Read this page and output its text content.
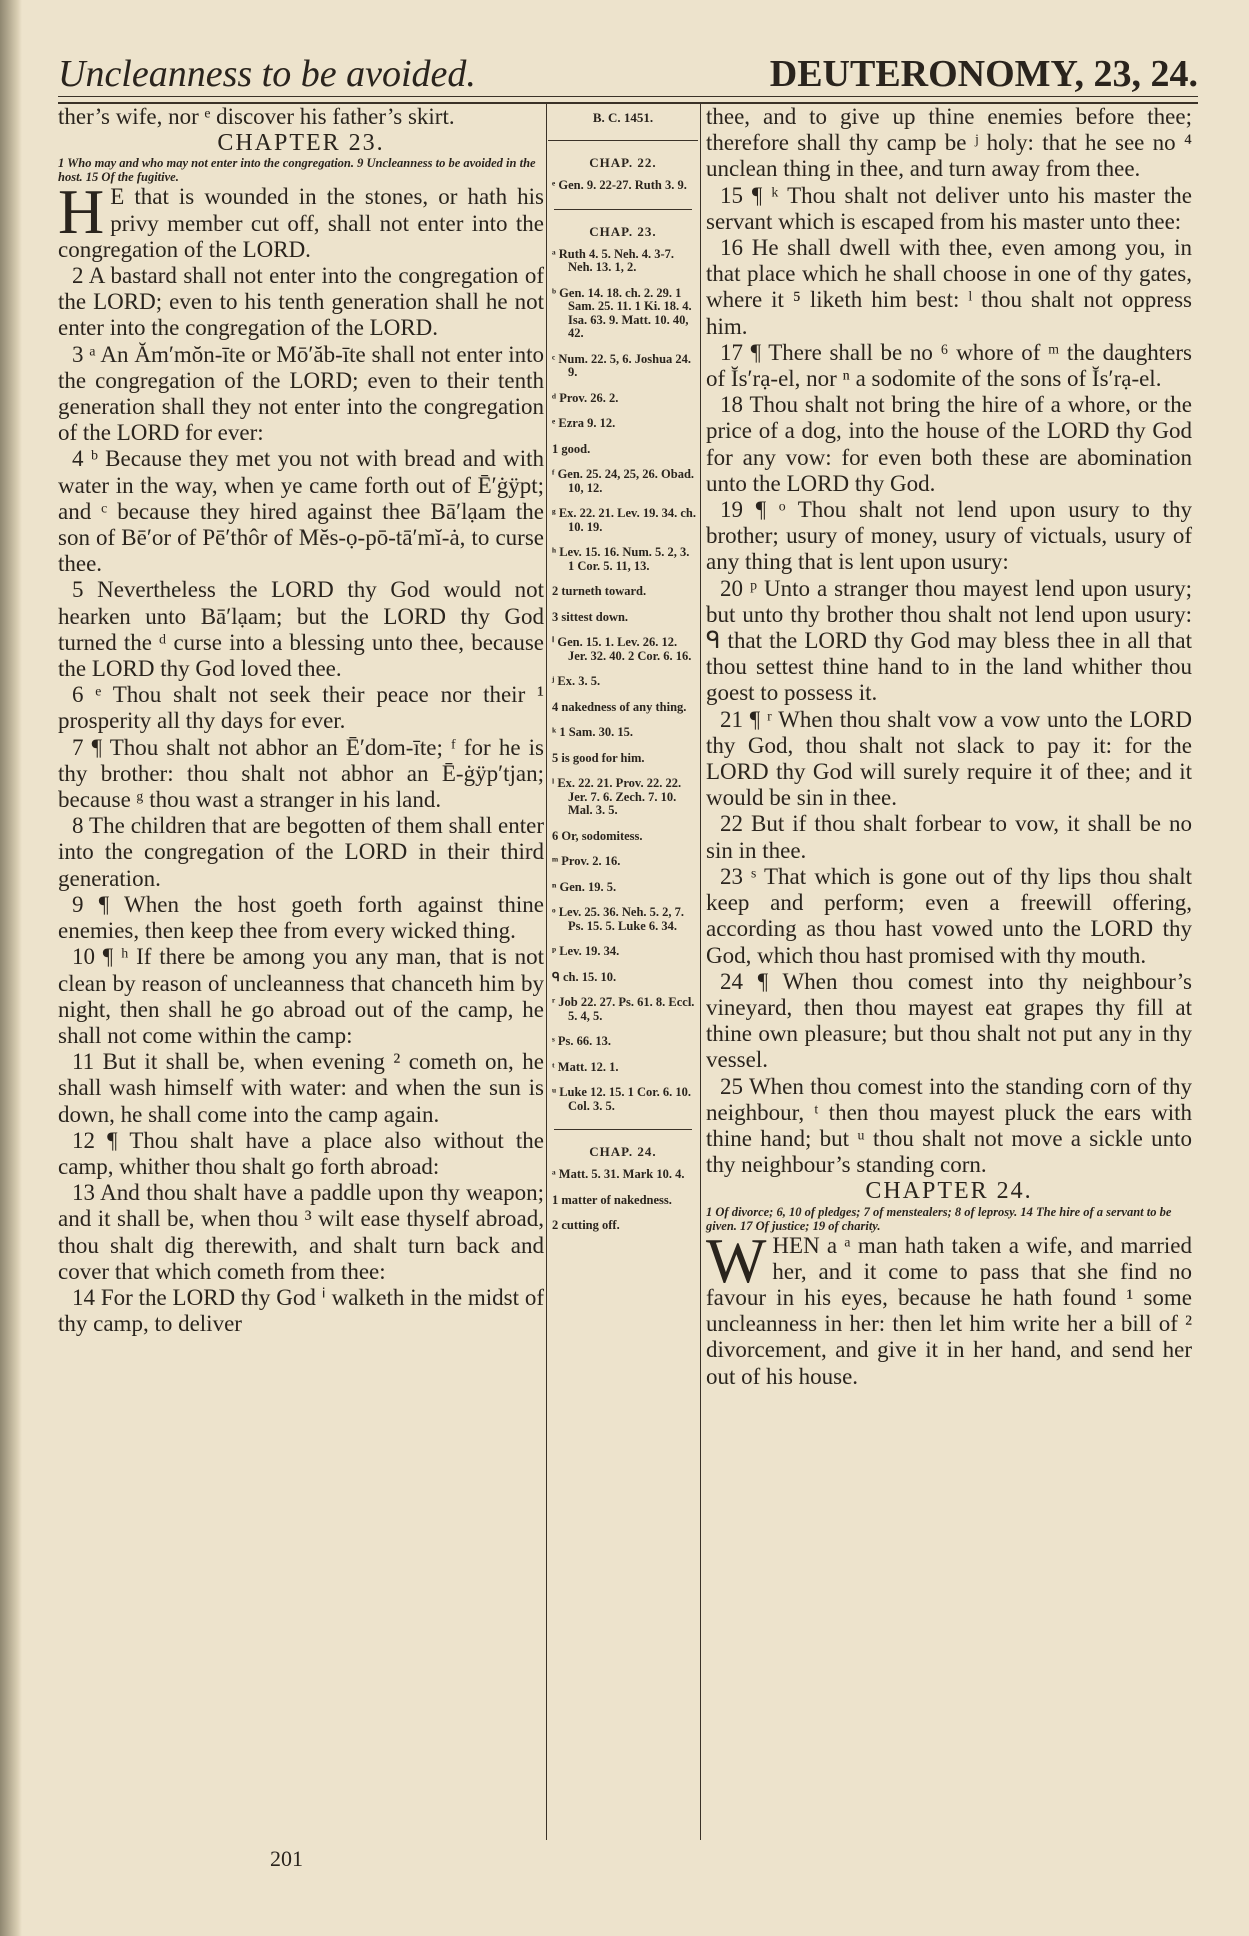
Uncleanness to be avoided.	DEUTERONOMY, 23, 24.

ther’s wife, nor ᵉ discover his father’s skirt.

CHAPTER 23.

1 Who may and who may not enter into the congregation. 9 Uncleanness to be avoided in the host. 15 Of the fugitive.

H E that is wounded in the stones, or hath his privy member cut off, shall not enter into the congregation of the LORD.

2 A bastard shall not enter into the congregation of the LORD; even to his tenth generation shall he not enter into the congregation of the LORD.

3 ᵃ An Ăm′mŏn-īte or Mō′ăb-īte shall not enter into the congregation of the LORD; even to their tenth generation shall they not enter into the congregation of the LORD for ever:

4 ᵇ Because they met you not with bread and with water in the way, when ye came forth out of Ē′ġÿpt; and ᶜ because they hired against thee Bā′lạam the son of Bē′or of Pē′thôr of Mĕs-ọ-pō-tā′mĭ-ȧ, to curse thee.

5 Nevertheless the LORD thy God would not hearken unto Bā′lạam; but the LORD thy God turned the ᵈ curse into a blessing unto thee, because the LORD thy God loved thee.

6 ᵉ Thou shalt not seek their peace nor their ¹ prosperity all thy days for ever.

7 ¶ Thou shalt not abhor an Ē′dom-īte; ᶠ for he is thy brother: thou shalt not abhor an Ē-ġÿp′tjan; because ᵍ thou wast a stranger in his land.

8 The children that are begotten of them shall enter into the congregation of the LORD in their third generation.

9 ¶ When the host goeth forth against thine enemies, then keep thee from every wicked thing.

10 ¶ ʰ If there be among you any man, that is not clean by reason of uncleanness that chanceth him by night, then shall he go abroad out of the camp, he shall not come within the camp:

11 But it shall be, when evening ² cometh on, he shall wash himself with water: and when the sun is down, he shall come into the camp again.

12 ¶ Thou shalt have a place also without the camp, whither thou shalt go forth abroad:

13 And thou shalt have a paddle upon thy weapon; and it shall be, when thou ³ wilt ease thyself abroad, thou shalt dig therewith, and shalt turn back and cover that which cometh from thee:

14 For the LORD thy God ⁱ walketh in the midst of thy camp, to deliver

B. C. 1451.
CHAP. 22.
ᵉ Gen. 9. 22-27. Ruth 3. 9.
CHAP. 23.
ᵃ Ruth 4. 5. Neh. 4. 3-7. Neh. 13. 1, 2.
ᵇ Gen. 14. 18. ch. 2. 29. 1 Sam. 25. 11. 1 Ki. 18. 4. Isa. 63. 9. Matt. 10. 40, 42.
ᶜ Num. 22. 5, 6. Joshua 24. 9.
ᵈ Prov. 26. 2.
ᵉ Ezra 9. 12.
1 good.
ᶠ Gen. 25. 24, 25, 26. Obad. 10, 12.
ᵍ Ex. 22. 21. Lev. 19. 34. ch. 10. 19.
ʰ Lev. 15. 16. Num. 5. 2, 3. 1 Cor. 5. 11, 13.
2 turneth toward.
3 sittest down.
ⁱ Gen. 15. 1. Lev. 26. 12. Jer. 32. 40. 2 Cor. 6. 16.
ʲ Ex. 3. 5.
4 nakedness of any thing.
ᵏ 1 Sam. 30. 15.
5 is good for him.
ˡ Ex. 22. 21. Prov. 22. 22. Jer. 7. 6. Zech. 7. 10. Mal. 3. 5.
6 Or, sodomitess.
ᵐ Prov. 2. 16.
ⁿ Gen. 19. 5.
ᵒ Lev. 25. 36. Neh. 5. 2, 7. Ps. 15. 5. Luke 6. 34.
ᵖ Lev. 19. 34.
ᑫ ch. 15. 10.
ʳ Job 22. 27. Ps. 61. 8. Eccl. 5. 4, 5.
ˢ Ps. 66. 13.
ᵗ Matt. 12. 1.
ᵘ Luke 12. 15. 1 Cor. 6. 10. Col. 3. 5.
CHAP. 24.
ᵃ Matt. 5. 31. Mark 10. 4.
1 matter of nakedness.
2 cutting off.

thee, and to give up thine enemies before thee; therefore shall thy camp be ʲ holy: that he see no ⁴ unclean thing in thee, and turn away from thee.

15 ¶ ᵏ Thou shalt not deliver unto his master the servant which is escaped from his master unto thee:

16 He shall dwell with thee, even among you, in that place which he shall choose in one of thy gates, where it ⁵ liketh him best: ˡ thou shalt not oppress him.

17 ¶ There shall be no ⁶ whore of ᵐ the daughters of Ĭs′rạ-el, nor ⁿ a sodomite of the sons of Ĭs′rạ-el.

18 Thou shalt not bring the hire of a whore, or the price of a dog, into the house of the LORD thy God for any vow: for even both these are abomination unto the LORD thy God.

19 ¶ ᵒ Thou shalt not lend upon usury to thy brother; usury of money, usury of victuals, usury of any thing that is lent upon usury:

20 ᵖ Unto a stranger thou mayest lend upon usury; but unto thy brother thou shalt not lend upon usury: ᑫ that the LORD thy God may bless thee in all that thou settest thine hand to in the land whither thou goest to possess it.

21 ¶ ʳ When thou shalt vow a vow unto the LORD thy God, thou shalt not slack to pay it: for the LORD thy God will surely require it of thee; and it would be sin in thee.

22 But if thou shalt forbear to vow, it shall be no sin in thee.

23 ˢ That which is gone out of thy lips thou shalt keep and perform; even a freewill offering, according as thou hast vowed unto the LORD thy God, which thou hast promised with thy mouth.

24 ¶ When thou comest into thy neighbour’s vineyard, then thou mayest eat grapes thy fill at thine own pleasure; but thou shalt not put any in thy vessel.

25 When thou comest into the standing corn of thy neighbour, ᵗ then thou mayest pluck the ears with thine hand; but ᵘ thou shalt not move a sickle unto thy neighbour’s standing corn.

CHAPTER 24.

1 Of divorce; 6, 10 of pledges; 7 of menstealers; 8 of leprosy. 14 The hire of a servant to be given. 17 Of justice; 19 of charity.

WHEN a ᵃ man hath taken a wife, and married her, and it come to pass that she find no favour in his eyes, because he hath found ¹ some uncleanness in her: then let him write her a bill of ² divorcement, and give it in her hand, and send her out of his house.

201
